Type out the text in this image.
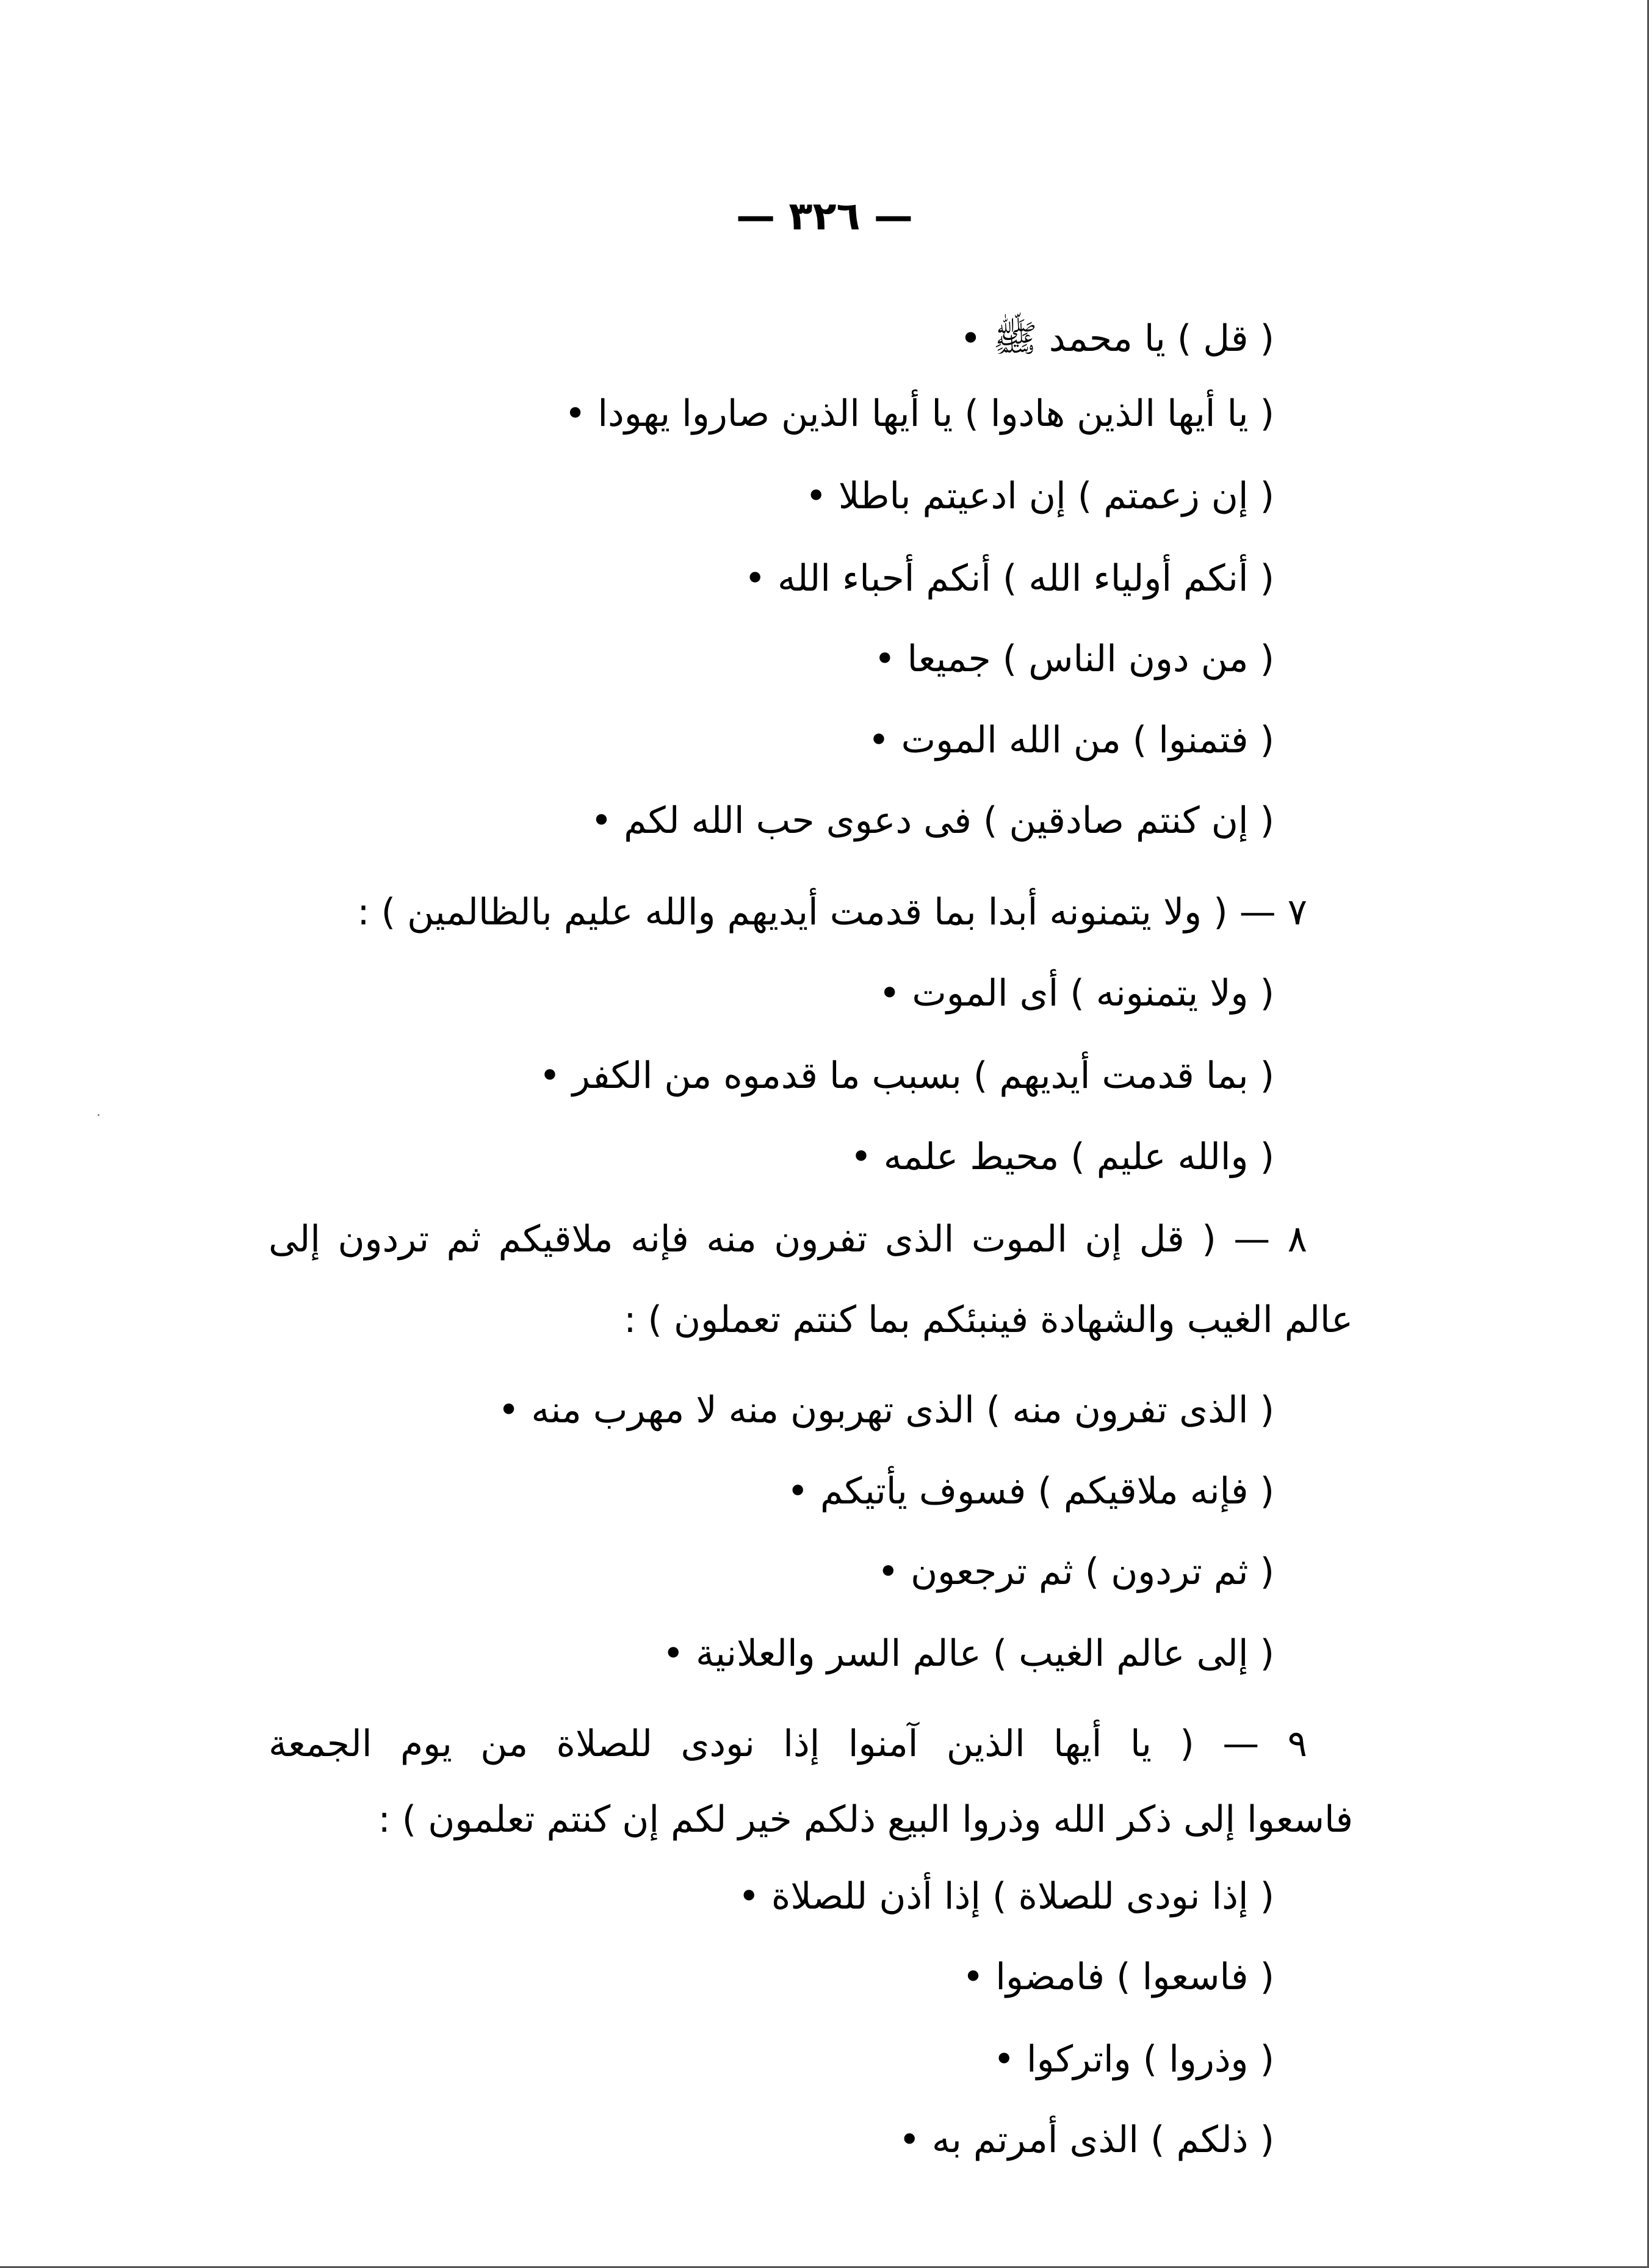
— ٣٢٦ —
( قل ) يا محمد ﷺ •
( يا أيها الذين هادوا ) يا أيها الذين صاروا يهودا •
( إن زعمتم ) إن ادعيتم باطلا •
( أنكم أولياء الله ) أنكم أحباء الله •
( من دون الناس ) جميعا •
( فتمنوا ) من الله الموت •
( إن كنتم صادقين ) فى دعوى حب الله لكم •
٧ — ( ولا يتمنونه أبدا بما قدمت أيديهم والله عليم بالظالمين ) :
( ولا يتمنونه ) أى الموت •
( بما قدمت أيديهم ) بسبب ما قدموه من الكفر •
( والله عليم ) محيط علمه •
٨ — ( قل إن الموت الذى تفرون منه فإنه ملاقيكم ثم تردون إلى
عالم الغيب والشهادة فينبئكم بما كنتم تعملون ) :
( الذى تفرون منه ) الذى تهربون منه لا مهرب منه •
( فإنه ملاقيكم ) فسوف يأتيكم •
( ثم تردون ) ثم ترجعون •
( إلى عالم الغيب ) عالم السر والعلانية •
٩ — ( يا أيها الذين آمنوا إذا نودى للصلاة من يوم الجمعة
فاسعوا إلى ذكر الله وذروا البيع ذلكم خير لكم إن كنتم تعلمون ) :
( إذا نودى للصلاة ) إذا أذن للصلاة •
( فاسعوا ) فامضوا •
( وذروا ) واتركوا •
( ذلكم ) الذى أمرتم به •
